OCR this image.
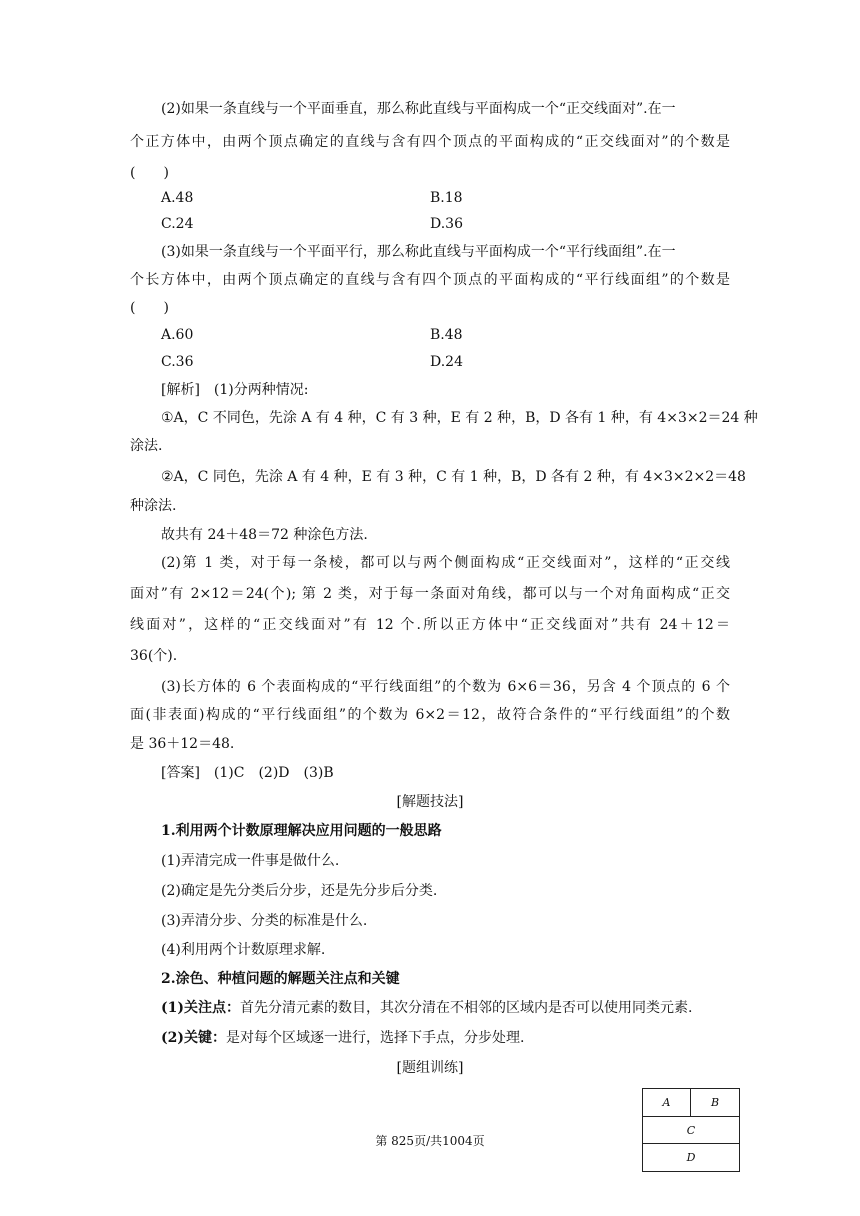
(2)如果一条直线与一个平面垂直，那么称此直线与平面构成一个“正交线面对”.在一
个正方体中，由两个顶点确定的直线与含有四个顶点的平面构成的“正交线面对”的个数是
(　　)
A.48	B.18
C.24	D.36
(3)如果一条直线与一个平面平行，那么称此直线与平面构成一个“平行线面组”.在一
个长方体中，由两个顶点确定的直线与含有四个顶点的平面构成的“平行线面组”的个数是
(　　)
A.60	B.48
C.36	D.24
[解析]　(1)分两种情况:
①A，C 不同色，先涂 A 有 4 种，C 有 3 种，E 有 2 种，B，D 各有 1 种，有 4×3×2＝24 种
涂法.
②A，C 同色，先涂 A 有 4 种，E 有 3 种，C 有 1 种，B，D 各有 2 种，有 4×3×2×2＝48
种涂法.
故共有 24＋48＝72 种涂色方法.
(2)第 1 类，对于每一条棱，都可以与两个侧面构成“正交线面对”，这样的“正交线
面对”有 2×12＝24(个); 第 2 类，对于每一条面对角线，都可以与一个对角面构成“正交
线面对”，这样的“正交线面对”有 12 个.所以正方体中“正交线面对”共有 24＋12＝
36(个).
(3)长方体的 6 个表面构成的“平行线面组”的个数为 6×6＝36，另含 4 个顶点的 6 个
面(非表面)构成的“平行线面组”的个数为 6×2＝12，故符合条件的“平行线面组”的个数
是 36＋12＝48.
[答案]　(1)C　(2)D　(3)B
[解题技法]
1.利用两个计数原理解决应用问题的一般思路
(1)弄清完成一件事是做什么.
(2)确定是先分类后分步，还是先分步后分类.
(3)弄清分步、分类的标准是什么.
(4)利用两个计数原理求解.
2.涂色、种植问题的解题关注点和关键
(1)关注点：首先分清元素的数目，其次分清在不相邻的区域内是否可以使用同类元素.
(2)关键：是对每个区域逐一进行，选择下手点，分步处理.
[题组训练]
A	B
C
D
第 825页/共1004页
